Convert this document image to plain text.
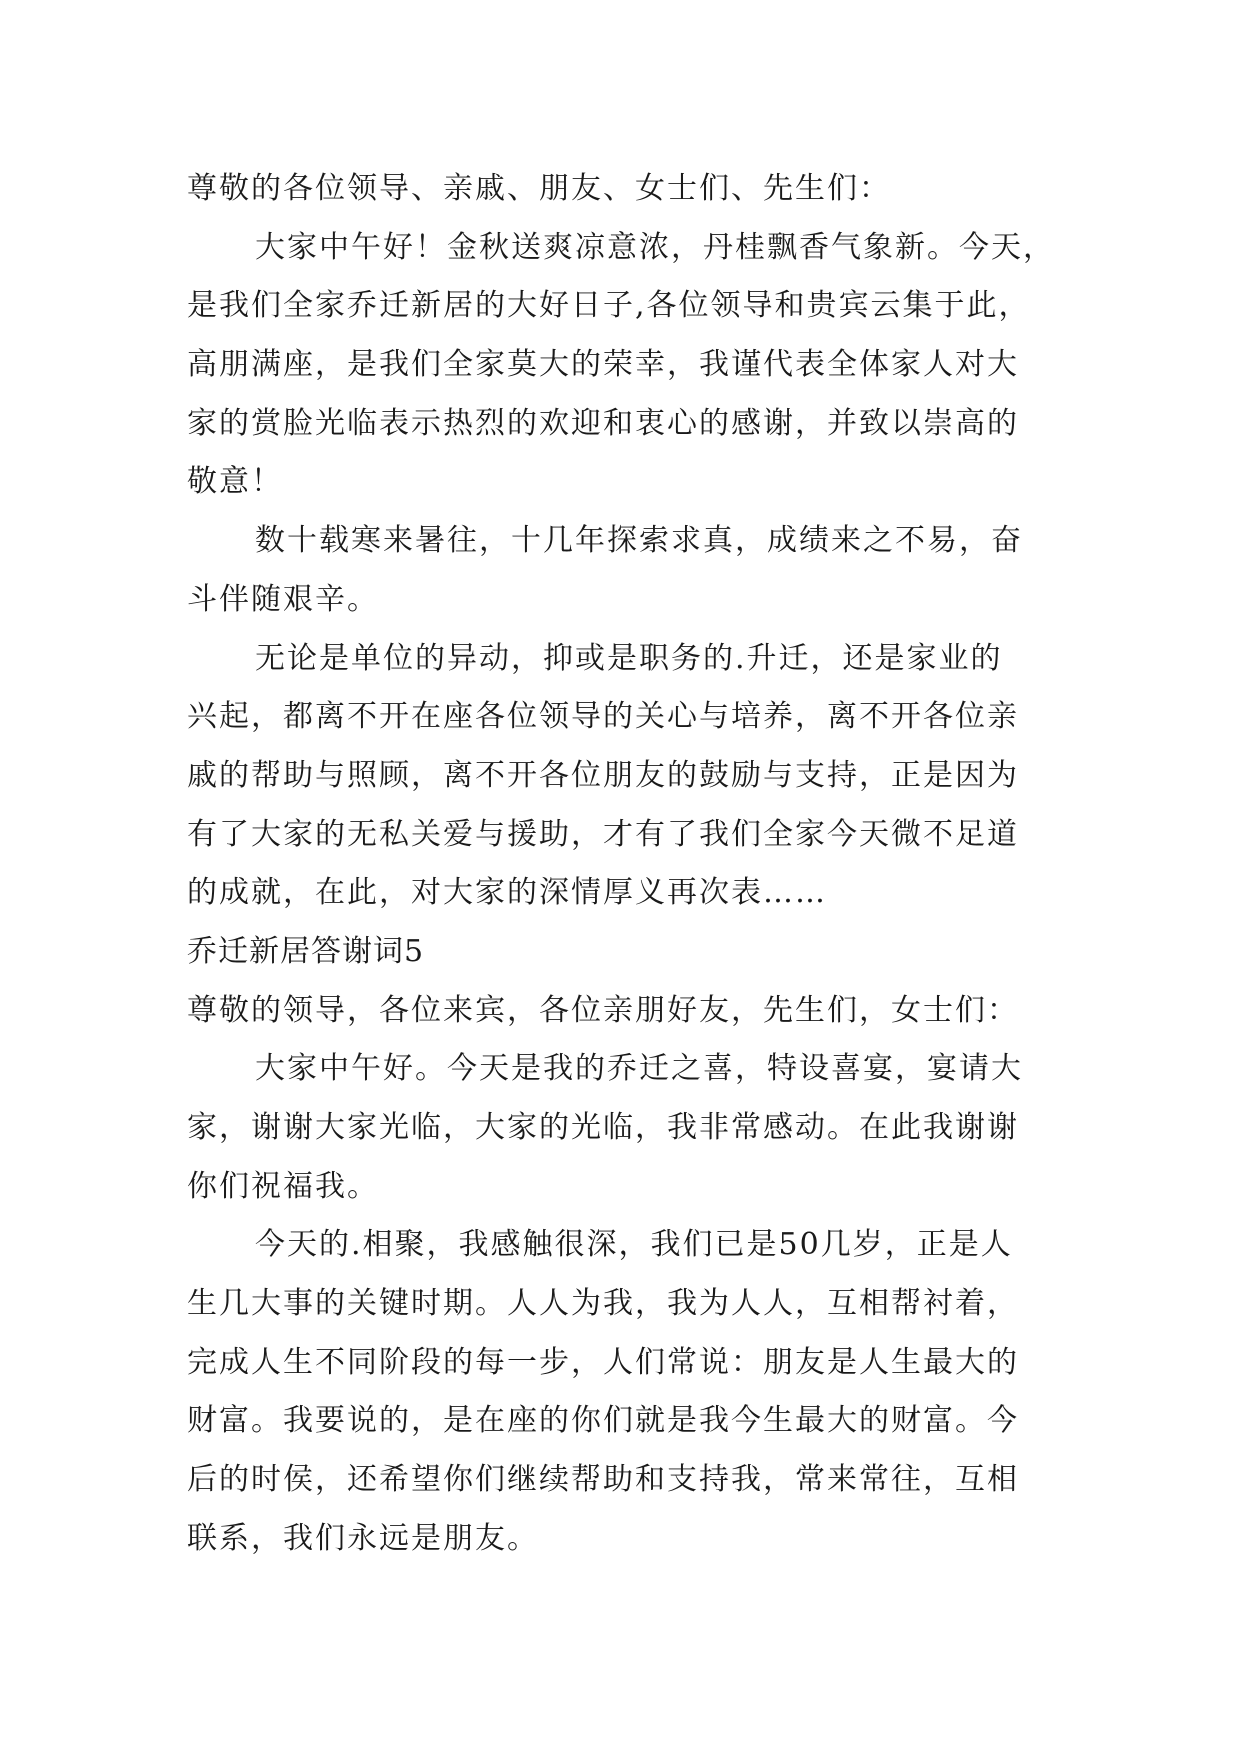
尊敬的各位领导、亲戚、朋友、女士们、先生们：
大家中午好！金秋送爽凉意浓，丹桂飘香气象新。今天，
是我们全家乔迁新居的大好日子,各位领导和贵宾云集于此，
高朋满座，是我们全家莫大的荣幸，我谨代表全体家人对大
家的赏脸光临表示热烈的欢迎和衷心的感谢，并致以崇高的
敬意！
数十载寒来暑往，十几年探索求真，成绩来之不易，奋
斗伴随艰辛。
无论是单位的异动，抑或是职务的.升迁，还是家业的
兴起，都离不开在座各位领导的关心与培养，离不开各位亲
戚的帮助与照顾，离不开各位朋友的鼓励与支持，正是因为
有了大家的无私关爱与援助，才有了我们全家今天微不足道
的成就，在此，对大家的深情厚义再次表……
乔迁新居答谢词5
尊敬的领导，各位来宾，各位亲朋好友，先生们，女士们：
大家中午好。今天是我的乔迁之喜，特设喜宴，宴请大
家，谢谢大家光临，大家的光临，我非常感动。在此我谢谢
你们祝福我。
今天的.相聚，我感触很深，我们已是50几岁，正是人
生几大事的关键时期。人人为我，我为人人，互相帮衬着，
完成人生不同阶段的每一步，人们常说：朋友是人生最大的
财富。我要说的，是在座的你们就是我今生最大的财富。今
后的时侯，还希望你们继续帮助和支持我，常来常往，互相
联系，我们永远是朋友。
